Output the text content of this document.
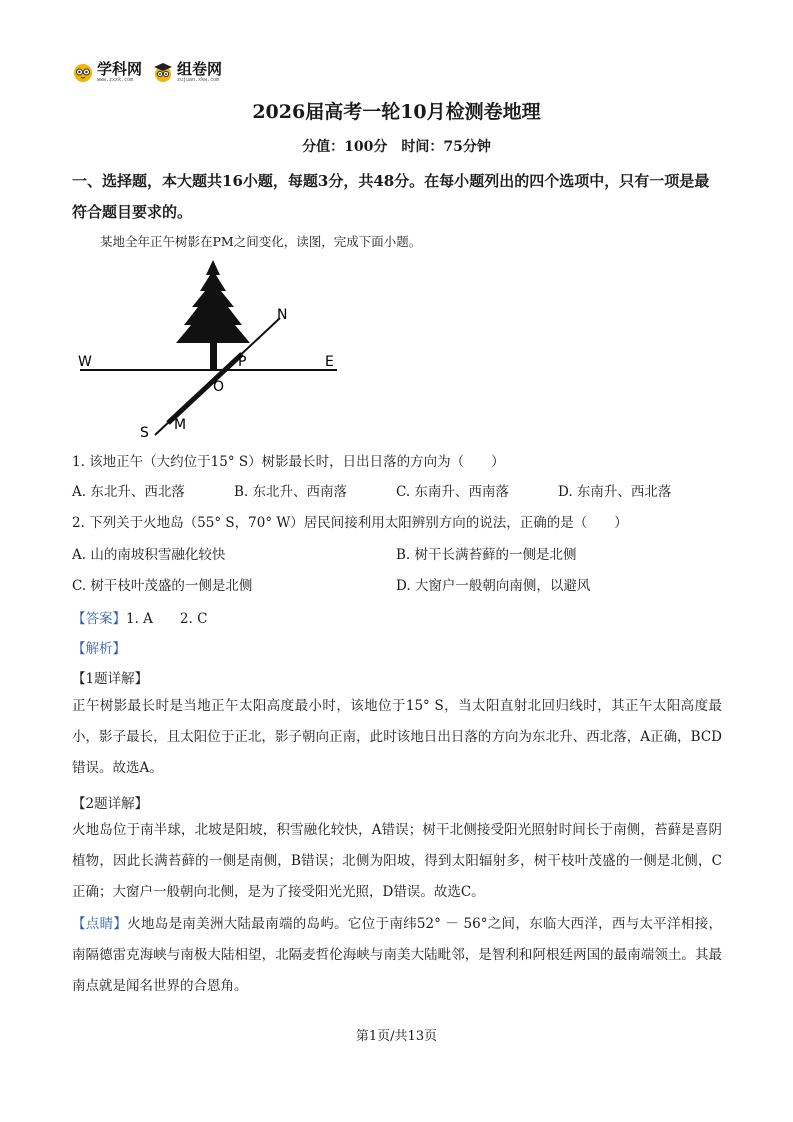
学科网
www.zxxk.com
组卷网
zujuan.xkw.com
2026届高考一轮10月检测卷地理
分值：100分　时间：75分钟
一、选择题，本大题共16小题，每题3分，共48分。在每小题列出的四个选项中，只有一项是最符合题目要求的。
某地全年正午树影在PM之间变化，读图，完成下面小题。
W	E
N
S
O
P
M
1. 该地正午（大约位于15° S）树影最长时，日出日落的方向为（　　）
A. 东北升、西北落	B. 东北升、西南落	C. 东南升、西南落	D. 东南升、西北落
2. 下列关于火地岛（55° S，70° W）居民间接利用太阳辨别方向的说法，正确的是（　　）
A. 山的南坡积雪融化较快	B. 树干长满苔藓的一侧是北侧
C. 树干枝叶茂盛的一侧是北侧	D. 大窗户一般朝向南侧，以避风
【答案】1. A　　2. C
【解析】
【1题详解】
正午树影最长时是当地正午太阳高度最小时，该地位于15° S，当太阳直射北回归线时，其正午太阳高度最小，影子最长，且太阳位于正北，影子朝向正南，此时该地日出日落的方向为东北升、西北落，A正确，BCD错误。故选A。
【2题详解】
火地岛位于南半球，北坡是阳坡，积雪融化较快，A错误；树干北侧接受阳光照射时间长于南侧，苔藓是喜阴植物，因此长满苔藓的一侧是南侧，B错误；北侧为阳坡，得到太阳辐射多，树干枝叶茂盛的一侧是北侧，C正确；大窗户一般朝向北侧，是为了接受阳光光照，D错误。故选C。
【点睛】火地岛是南美洲大陆最南端的岛屿。它位于南纬52° － 56°之间，东临大西洋，西与太平洋相接，南隔德雷克海峡与南极大陆相望，北隔麦哲伦海峡与南美大陆毗邻，是智利和阿根廷两国的最南端领土。其最南点就是闻名世界的合恩角。
第1页/共13页
